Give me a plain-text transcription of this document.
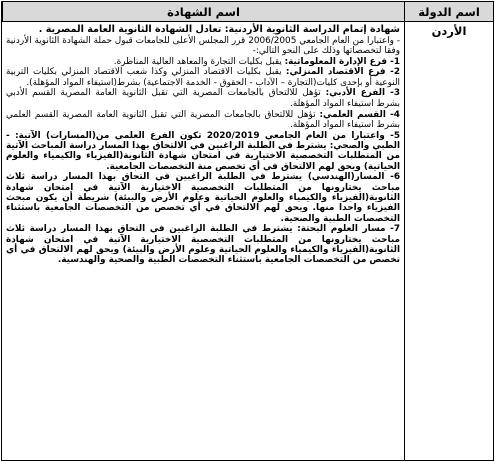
اسم الدولة
اسم الشهادة
الأردن

شهادة إتمام الدراسة الثانوية الأردنية: تعادل الشهادة الثانوية العامة المصرية .

- واعتبارا من العام الجامعي 2006/2005 قرر المجلس الأعلى للجامعات قبول حملة الشهادة الثانوية الأردنية وفقا لتخصصاتها وذلك على النحو التالي:-

1- فرع الإدارة المعلوماتية: يقبل بكليات التجارة والمعاهد العالية المناظرة.

2- فرع الاقتصاد المنزلي: يقبل بكليات الاقتصاد المنزلي وكذا شعب الاقتصاد المنزلي بكليات التربية النوعية أو بإحدى كليات(التجارة – الآداب - الحقوق - الخدمة الاجتماعية) بشرط(استيفاء المواد المؤهلة).

3- الفرع الأدبي: تؤهل للالتحاق بالجامعات المصرية التي تقبل الثانوية العامة المصرية القسم الأدبي بشرط استيفاء المواد المؤهلة.

4- القسم العلمي: تؤهل للالتحاق بالجامعات المصرية التي تقبل الثانوية العامة المصرية القسم العلمي بشرط استيفاء المواد المؤهلة.

5- واعتبارا من العام الجامعي 2020/2019 تكون الفرع العلمي من(المسارات) الآتية: - الطبي والصحي: يشترط في الطلبة الراغبين في الالتحاق بهذا المسار دراسة المباحث الآتية من المتطلبات التخصصية الاختيارية في امتحان شهادة الثانوية(الفيزياء والكيمياء والعلوم الحياتية) ويحق لهم الالتحاق في أي تخصص منة التخصصات الجامعية.

6- المسار(الهندسي) يشترط في الطلبة الراغبين في التحاق بهذا المسار دراسة ثلاث مباحث يختارونها من المتطلبات التخصصية الاختيارية الآتية في امتحان شهادة الثانوية(الفيزياء والكيمياء والعلوم الحياتية وعلوم الأرض والبيئة) شريطة أن يكون مبحث الفيزياء واحدا منها. ويحق لهم الالتحاق في أي تخصص من التخصصات الجامعية باستثناء التخصصات الطبية والصحية.

7- مسار العلوم البحتة: يشترط في الطلبة الراغبين في التحاق بهذا المسار دراسة ثلاث مباحث يختارونها من المتطلبات التخصصية الاختيارية الآتية في امتحان شهادة الثانوية(الفيزياء والكيمياء والعلوم الحياتية وعلوم الأرض والبيئة) ويحق لهم الالتحاق في أي تخصص من التخصصات الجامعية باستثناء التخصصات الطبية والصحية والهندسية.
